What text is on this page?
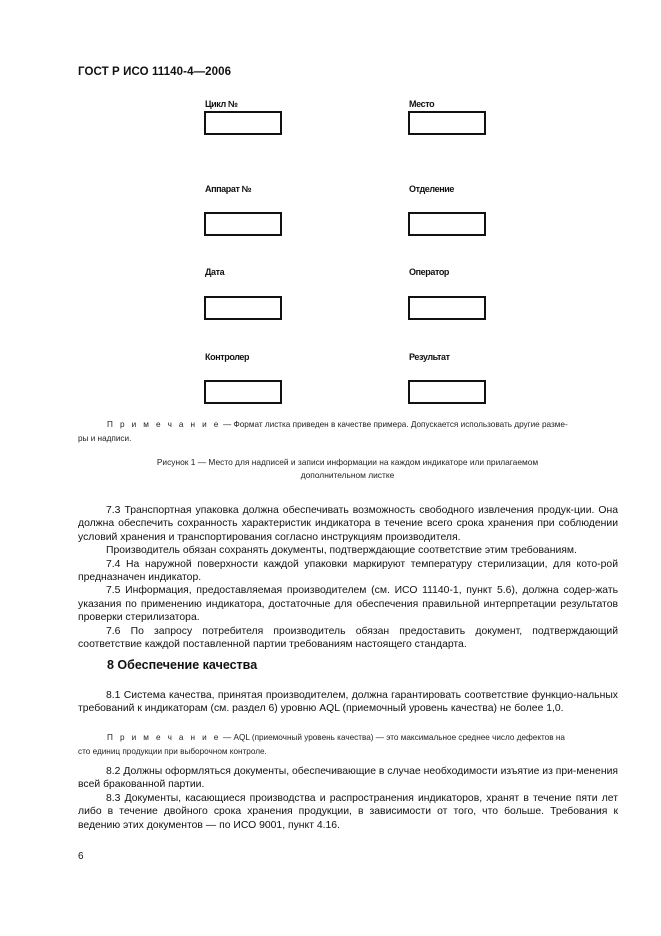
ГОСТ Р ИСО 11140-4—2006
Цикл №	Место
Аппарат №	Отделение
Дата	Оператор
Контролер	Результат
П р и м е ч а н и е — Формат листка приведен в качестве примера. Допускается использовать другие разме-
ры и надписи.
Рисунок 1 — Место для надписей и записи информации на каждом индикаторе или прилагаемом
дополнительном листке

7.3 Транспортная упаковка должна обеспечивать возможность свободного извлечения продук-ции. Она должна обеспечить сохранность характеристик индикатора в течение всего срока хранения при соблюдении условий хранения и транспортирования согласно инструкциям производителя.

Производитель обязан сохранять документы, подтверждающие соответствие этим требованиям.

7.4 На наружной поверхности каждой упаковки маркируют температуру стерилизации, для кото-рой предназначен индикатор.

7.5 Информация, предоставляемая производителем (см. ИСО 11140-1, пункт 5.6), должна содер-жать указания по применению индикатора, достаточные для обеспечения правильной интерпретации результатов проверки стерилизатора.

7.6 По запросу потребителя производитель обязан предоставить документ, подтверждающий соответствие каждой поставленной партии требованиям настоящего стандарта.

8 Обеспечение качества

8.1 Система качества, принятая производителем, должна гарантировать соответствие функцио-нальных требований к индикаторам (см. раздел 6) уровню AQL (приемочный уровень качества) не более 1,0.

П р и м е ч а н и е — AQL (приемочный уровень качества) — это максимальное среднее число дефектов на
сто единиц продукции при выборочном контроле.

8.2 Должны оформляться документы, обеспечивающие в случае необходимости изъятие из при-менения всей бракованной партии.

8.3 Документы, касающиеся производства и распространения индикаторов, хранят в течение пяти лет либо в течение двойного срока хранения продукции, в зависимости от того, что больше. Требования к ведению этих документов — по ИСО 9001, пункт 4.16.

6
